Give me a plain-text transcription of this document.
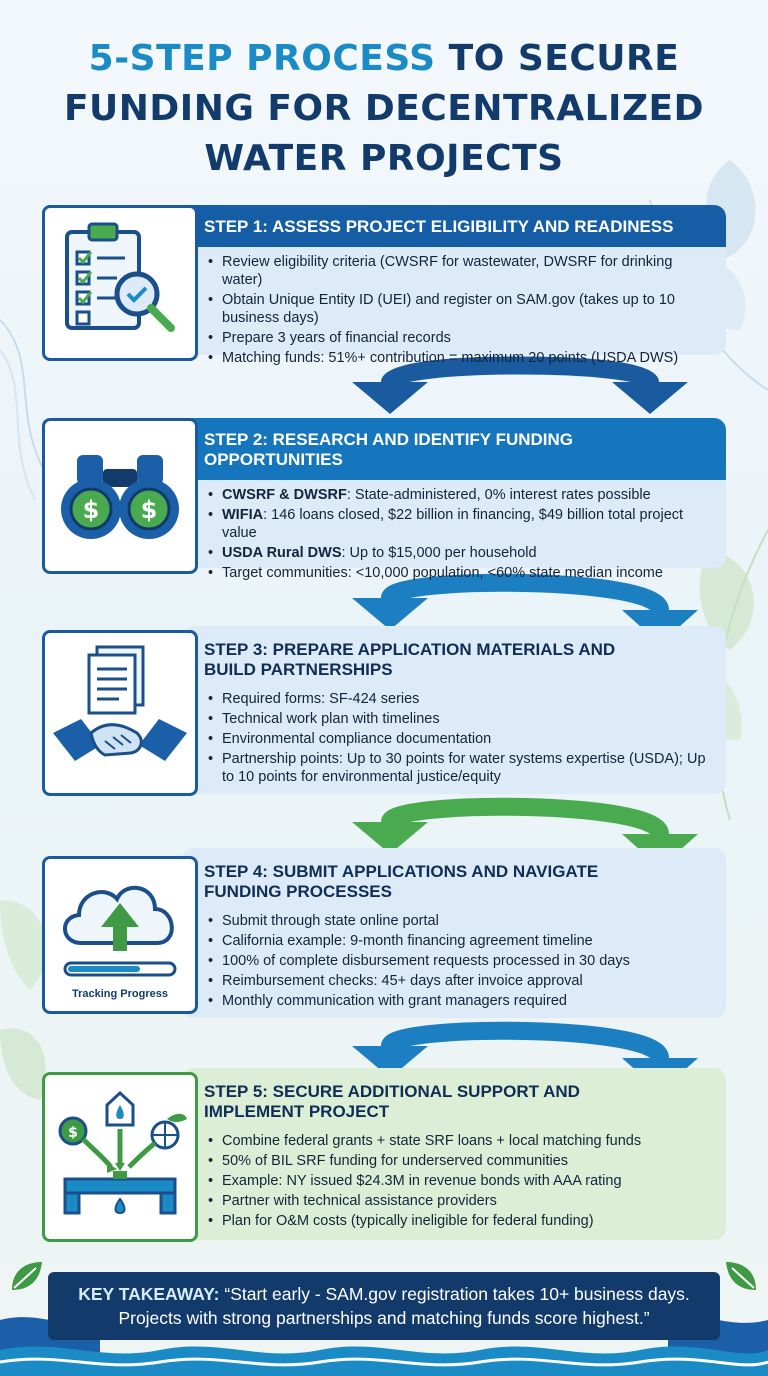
5-STEP PROCESS TO SECURE
FUNDING FOR DECENTRALIZED
WATER PROJECTS
STEP 1: ASSESS PROJECT ELIGIBILITY AND READINESS
• Review eligibility criteria (CWSRF for wastewater, DWSRF for drinking water)
• Obtain Unique Entity ID (UEI) and register on SAM.gov (takes up to 10 business days)
• Prepare 3 years of financial records
• Matching funds: 51%+ contribution = maximum 20 points (USDA DWS)
$ $
STEP 2: RESEARCH AND IDENTIFY FUNDING OPPORTUNITIES
• CWSRF & DWSRF: State-administered, 0% interest rates possible
• WIFIA: 146 loans closed, $22 billion in financing, $49 billion total project value
• USDA Rural DWS: Up to $15,000 per household
• Target communities: <10,000 population, <60% state median income
STEP 3: PREPARE APPLICATION MATERIALS AND BUILD PARTNERSHIPS
• Required forms: SF-424 series
• Technical work plan with timelines
• Environmental compliance documentation
• Partnership points: Up to 30 points for water systems expertise (USDA); Up to 10 points for environmental justice/equity
Tracking Progress
STEP 4: SUBMIT APPLICATIONS AND NAVIGATE FUNDING PROCESSES
• Submit through state online portal
• California example: 9-month financing agreement timeline
• 100% of complete disbursement requests processed in 30 days
• Reimbursement checks: 45+ days after invoice approval
• Monthly communication with grant managers required
$
STEP 5: SECURE ADDITIONAL SUPPORT AND IMPLEMENT PROJECT
• Combine federal grants + state SRF loans + local matching funds
• 50% of BIL SRF funding for underserved communities
• Example: NY issued $24.3M in revenue bonds with AAA rating
• Partner with technical assistance providers
• Plan for O&M costs (typically ineligible for federal funding)
KEY TAKEAWAY: “Start early - SAM.gov registration takes 10+ business days.
Projects with strong partnerships and matching funds score highest.”
